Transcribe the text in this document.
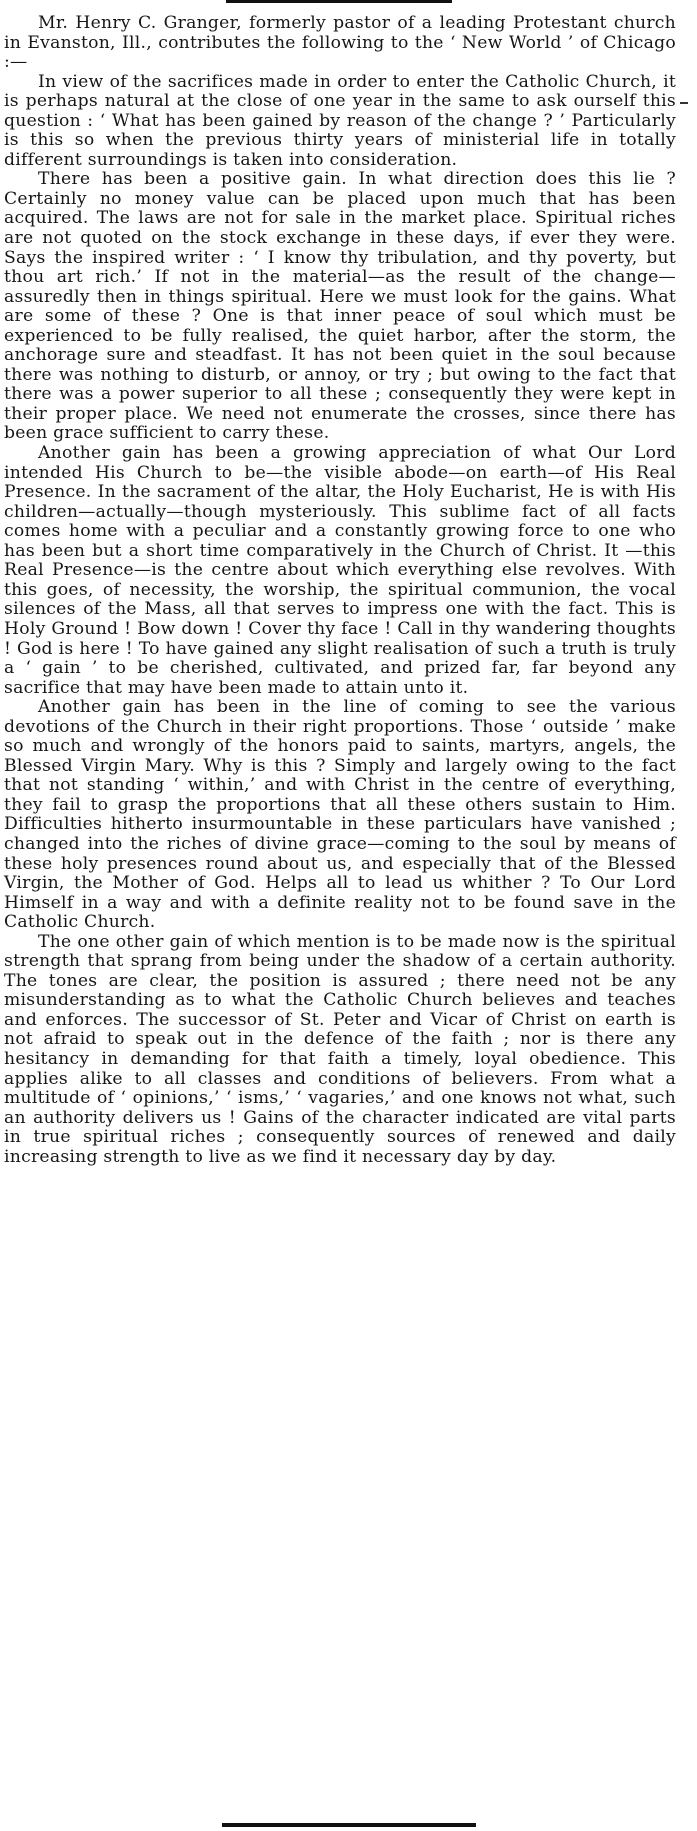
Mr. Henry C. Granger, formerly pastor of a leading Protestant church in Evanston, Ill., contributes the following to the ‘ New World ’ of Chicago :—

In view of the sacrifices made in order to enter the Catholic Church, it is perhaps natural at the close of one year in the same to ask ourself this question : ‘ What has been gained by reason of the change ? ’ Particularly is this so when the previous thirty years of ministerial life in totally different surroundings is taken into consideration.

There has been a positive gain. In what direction does this lie ? Certainly no money value can be placed upon much that has been acquired. The laws are not for sale in the market place. Spiritual riches are not quoted on the stock exchange in these days, if ever they were. Says the inspired writer : ‘ I know thy tribulation, and thy poverty, but thou art rich.’ If not in the material—as the result of the change—assuredly then in things spiritual. Here we must look for the gains. What are some of these ? One is that inner peace of soul which must be experienced to be fully realised, the quiet harbor, after the storm, the anchorage sure and steadfast. It has not been quiet in the soul because there was nothing to disturb, or annoy, or try ; but owing to the fact that there was a power superior to all these ; consequently they were kept in their proper place. We need not enumerate the crosses, since there has been grace sufficient to carry these.

Another gain has been a growing appreciation of what Our Lord intended His Church to be—the visible abode—on earth—of His Real Presence. In the sacrament of the altar, the Holy Eucharist, He is with His children—actually—though mysteriously. This sublime fact of all facts comes home with a peculiar and a constantly growing force to one who has been but a short time comparatively in the Church of Christ. It —this Real Presence—is the centre about which everything else revolves. With this goes, of necessity, the worship, the spiritual communion, the vocal silences of the Mass, all that serves to impress one with the fact. This is Holy Ground ! Bow down ! Cover thy face ! Call in thy wandering thoughts ! God is here ! To have gained any slight realisation of such a truth is truly a ‘ gain ’ to be cherished, cultivated, and prized far, far beyond any sacrifice that may have been made to attain unto it.

Another gain has been in the line of coming to see the various devotions of the Church in their right proportions. Those ‘ outside ’ make so much and wrongly of the honors paid to saints, martyrs, angels, the Blessed Virgin Mary. Why is this ? Simply and largely owing to the fact that not standing ‘ within,’ and with Christ in the centre of everything, they fail to grasp the proportions that all these others sustain to Him. Difficulties hitherto insurmountable in these particulars have vanished ; changed into the riches of divine grace—coming to the soul by means of these holy presences round about us, and especially that of the Blessed Virgin, the Mother of God. Helps all to lead us whither ? To Our Lord Himself in a way and with a definite reality not to be found save in the Catholic Church.

The one other gain of which mention is to be made now is the spiritual strength that sprang from being under the shadow of a certain authority. The tones are clear, the position is assured ; there need not be any misunderstanding as to what the Catholic Church believes and teaches and enforces. The successor of St. Peter and Vicar of Christ on earth is not afraid to speak out in the defence of the faith ; nor is there any hesitancy in demanding for that faith a timely, loyal obedience. This applies alike to all classes and conditions of believers. From what a multitude of ‘ opinions,’ ‘ isms,’ ‘ vagaries,’ and one knows not what, such an authority delivers us ! Gains of the character indicated are vital parts in true spiritual riches ; consequently sources of renewed and daily increasing strength to live as we find it necessary day by day.
